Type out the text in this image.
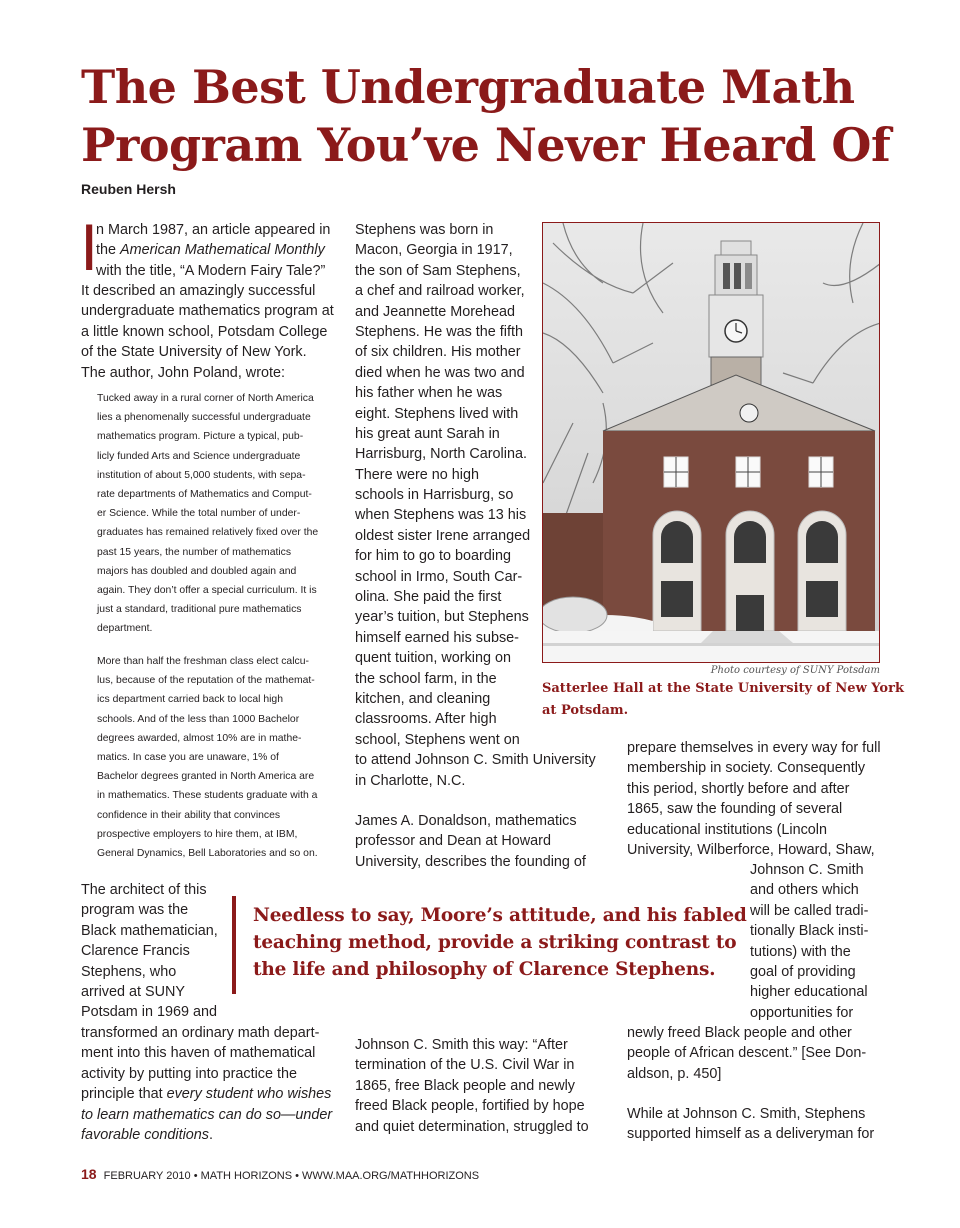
The Best Undergraduate Math
Program You’ve Never Heard Of
Reuben Hersh
I
n March 1987, an article appeared in
the American Mathematical Monthly
with the title, “A Modern Fairy Tale?”
It described an amazingly successful
undergraduate mathematics program at
a little known school, Potsdam College
of the State University of New York.
The author, John Poland, wrote:
Tucked away in a rural corner of North America
lies a phenomenally successful undergraduate
mathematics program. Picture a typical, pub-
licly funded Arts and Science undergraduate
institution of about 5,000 students, with sepa-
rate departments of Mathematics and Comput-
er Science. While the total number of under-
graduates has remained relatively fixed over the
past 15 years, the number of mathematics
majors has doubled and doubled again and
again. They don’t offer a special curriculum. It is
just a standard, traditional pure mathematics
department.
More than half the freshman class elect calcu-
lus, because of the reputation of the mathemat-
ics department carried back to local high
schools. And of the less than 1000 Bachelor
degrees awarded, almost 10% are in mathe-
matics. In case you are unaware, 1% of
Bachelor degrees granted in North America are
in mathematics. These students graduate with a
confidence in their ability that convinces
prospective employers to hire them, at IBM,
General Dynamics, Bell Laboratories and so on.
The architect of this
program was the
Black mathematician,
Clarence Francis
Stephens, who
arrived at SUNY
Potsdam in 1969 and
transformed an ordinary math depart-
ment into this haven of mathematical
activity by putting into practice the
principle that every student who wishes
to learn mathematics can do so—under
favorable conditions.
Stephens was born in
Macon, Georgia in 1917,
the son of Sam Stephens,
a chef and railroad worker,
and Jeannette Morehead
Stephens. He was the fifth
of six children. His mother
died when he was two and
his father when he was
eight. Stephens lived with
his great aunt Sarah in
Harrisburg, North Carolina.
There were no high
schools in Harrisburg, so
when Stephens was 13 his
oldest sister Irene arranged
for him to go to boarding
school in Irmo, South Car-
olina. She paid the first
year’s tuition, but Stephens
himself earned his subse-
quent tuition, working on
the school farm, in the
kitchen, and cleaning
classrooms. After high
school, Stephens went on
to attend Johnson C. Smith University
in Charlotte, N.C.
James A. Donaldson, mathematics
professor and Dean at Howard
University, describes the founding of
Johnson C. Smith this way: “After
termination of the U.S. Civil War in
1865, free Black people and newly
freed Black people, fortified by hope
and quiet determination, struggled to
Photo courtesy of SUNY Potsdam
Satterlee Hall at the State University of New York
at Potsdam.
prepare themselves in every way for full
membership in society. Consequently
this period, shortly before and after
1865, saw the founding of several
educational institutions (Lincoln
University, Wilberforce, Howard, Shaw,
Johnson C. Smith
and others which
will be called tradi-
tionally Black insti-
tutions) with the
goal of providing
higher educational
opportunities for
newly freed Black people and other
people of African descent.” [See Don-
aldson, p. 450]
While at Johnson C. Smith, Stephens
supported himself as a deliveryman for
Needless to say, Moore’s attitude, and his fabled
teaching method, provide a striking contrast to
the life and philosophy of Clarence Stephens.
18 FEBRUARY 2010 • MATH HORIZONS • WWW.MAA.ORG/MATHHORIZONS
